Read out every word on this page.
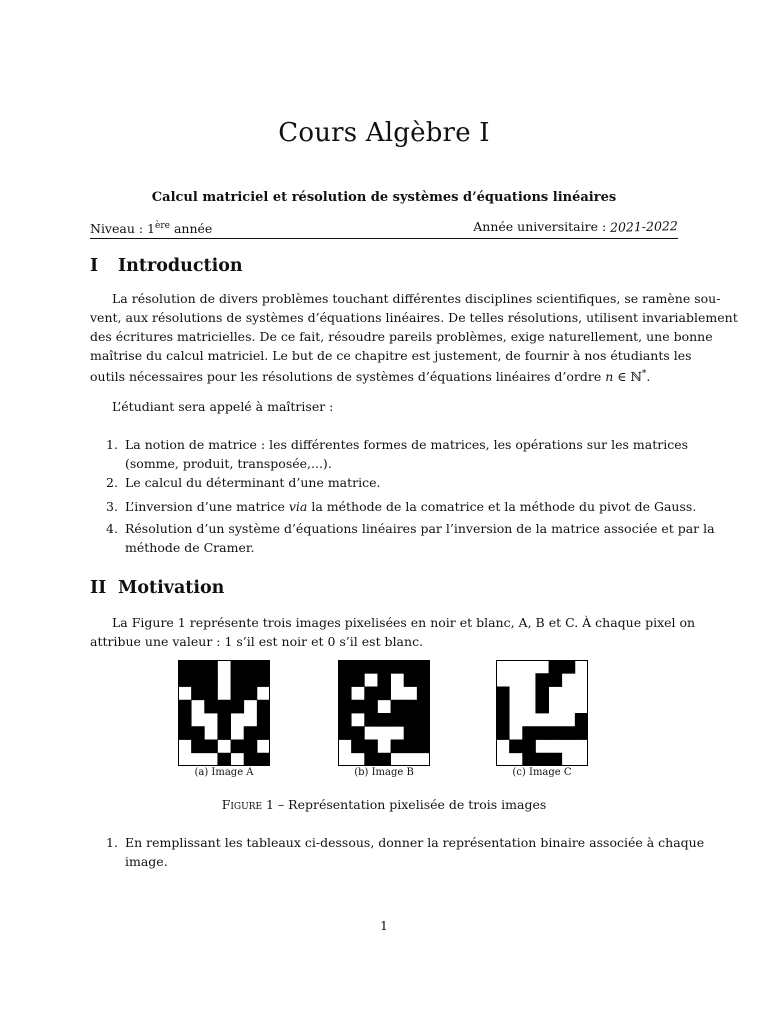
Cours Algèbre I
Calcul matriciel et résolution de systèmes d’équations linéaires
Niveau : 1ère année	Année universitaire : 2021-2022
I Introduction
La résolution de divers problèmes touchant différentes disciplines scientifiques, se ramène sou-
vent, aux résolutions de systèmes d’équations linéaires. De telles résolutions, utilisent invariablement
des écritures matricielles. De ce fait, résoudre pareils problèmes, exige naturellement, une bonne
maîtrise du calcul matriciel. Le but de ce chapitre est justement, de fournir à nos étudiants les
outils nécessaires pour les résolutions de systèmes d’équations linéaires d’ordre n ∈ ℕ*.
L’étudiant sera appelé à maîtriser :
1. La notion de matrice : les différentes formes de matrices, les opérations sur les matrices
(somme, produit, transposée,...).
2. Le calcul du déterminant d’une matrice.
3. L’inversion d’une matrice via la méthode de la comatrice et la méthode du pivot de Gauss.
4. Résolution d’un système d’équations linéaires par l’inversion de la matrice associée et par la
méthode de Cramer.
II Motivation
La Figure 1 représente trois images pixelisées en noir et blanc, A, B et C. À chaque pixel on
attribue une valeur : 1 s’il est noir et 0 s’il est blanc.
(a) Image A	(b) Image B	(c) Image C
Figure 1 – Représentation pixelisée de trois images
1. En remplissant les tableaux ci-dessous, donner la représentation binaire associée à chaque
image.
1
